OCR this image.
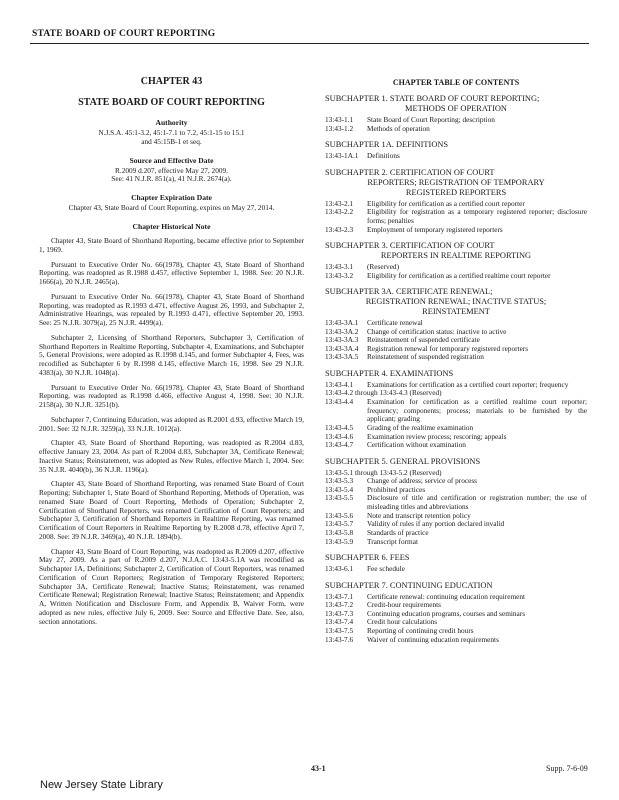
STATE BOARD OF COURT REPORTING
CHAPTER 43
STATE BOARD OF COURT REPORTING
Authority
N.J.S.A. 45:1-3.2, 45:1-7.1 to 7.2, 45:1-15 to 15.1
and 45:15B-1 et seq.
Source and Effective Date
R.2009 d.207, effective May 27, 2009.
See: 41 N.J.R. 851(a), 41 N.J.R. 2674(a).
Chapter Expiration Date
Chapter 43, State Board of Court Reporting, expires on May 27, 2014.
Chapter Historical Note

Chapter 43, State Board of Shorthand Reporting, became effective prior to September 1, 1969.

Pursuant to Executive Order No. 66(1978), Chapter 43, State Board of Shorthand Reporting, was readopted as R.1988 d.457, effective September 1, 1988. See: 20 N.J.R. 1666(a), 20 N.J.R. 2465(a).

Pursuant to Executive Order No. 66(1978), Chapter 43, State Board of Shorthand Reporting, was readopted as R.1993 d.471, effective August 26, 1993, and Subchapter 2, Administrative Hearings, was repealed by R.1993 d.471, effective September 20, 1993. See: 25 N.J.R. 3079(a), 25 N.J.R. 4499(a).

Subchapter 2, Licensing of Shorthand Reporters, Subchapter 3, Certification of Shorthand Reporters in Realtime Reporting, Subchapter 4, Examinations, and Subchapter 5, General Provisions, were adopted as R.1998 d.145, and former Subchapter 4, Fees, was recodified as Subchapter 6 by R.1998 d.145, effective March 16, 1998. See 29 N.J.R. 4383(a), 30 N.J.R. 1048(a).

Pursuant to Executive Order No. 66(1978), Chapter 43, State Board of Shorthand Reporting, was readopted as R.1998 d.466, effective August 4, 1998. See: 30 N.J.R. 2158(a), 30 N.J.R. 3251(b).

Subchapter 7, Continuing Education, was adopted as R.2001 d.93, effective March 19, 2001. See: 32 N.J.R. 3259(a), 33 N.J.R. 1012(a).

Chapter 43, State Board of Shorthand Reporting, was readopted as R.2004 d.83, effective January 23, 2004. As part of R.2004 d.83, Subchapter 3A, Certificate Renewal; Inactive Status; Reinstatement, was adopted as New Rules, effective March 1, 2004. See: 35 N.J.R. 4040(b), 36 N.J.R. 1196(a).

Chapter 43, State Board of Shorthand Reporting, was renamed State Board of Court Reporting; Subchapter 1, State Board of Shorthand Reporting, Methods of Operation, was renamed State Board of Court Reporting, Methods of Operation; Subchapter 2, Certification of Shorthand Reporters, was renamed Certification of Court Reporters; and Subchapter 3, Certification of Shorthand Reporters in Realtime Reporting, was renamed Certification of Court Reporters in Realtime Reporting by R.2008 d.78, effective April 7, 2008. See: 39 N.J.R. 3469(a), 40 N.J.R. 1894(b).

Chapter 43, State Board of Court Reporting, was readopted as R.2009 d.207, effective May 27, 2009. As a part of R.2009 d.207, N.J.A.C. 13:43-5.1A was recodified as Subchapter 1A, Definitions; Subchapter 2, Certification of Court Reporters, was renamed Certification of Court Reporters; Registration of Temporary Registered Reporters; Subchapter 3A, Certificate Renewal; Inactive Status; Reinstatement, was renamed Certificate Renewal; Registration Renewal; Inactive Status; Reinstatement; and Appendix A, Written Notification and Disclosure Form, and Appendix B, Waiver Form, were adopted as new rules, effective July 6, 2009. See: Source and Effective Date. See, also, section annotations.

CHAPTER TABLE OF CONTENTS
SUBCHAPTER 1. STATE BOARD OF COURT REPORTING;
METHODS OF OPERATION
13:43-1.1	State Board of Court Reporting; description
13:43-1.2	Methods of operation
SUBCHAPTER 1A. DEFINITIONS
13:43-1A.1	Definitions
SUBCHAPTER 2. CERTIFICATION OF COURT
REPORTERS; REGISTRATION OF TEMPORARY
REGISTERED REPORTERS
13:43-2.1	Eligibility for certification as a certified court reporter
13:43-2.2	Eligibility for registration as a temporary registered reporter; disclosure forms; penalties
13:43-2.3	Employment of temporary registered reporters
SUBCHAPTER 3. CERTIFICATION OF COURT
REPORTERS IN REALTIME REPORTING
13:43-3.1	(Reserved)
13:43-3.2	Eligibility for certification as a certified realtime court reporter
SUBCHAPTER 3A. CERTIFICATE RENEWAL;
REGISTRATION RENEWAL; INACTIVE STATUS;
REINSTATEMENT
13:43-3A.1	Certificate renewal
13:43-3A.2	Change of certification status: inactive to active
13:43-3A.3	Reinstatement of suspended certificate
13:43-3A.4	Registration renewal for temporary registered reporters
13:43-3A.5	Reinstatement of suspended registration
SUBCHAPTER 4. EXAMINATIONS
13:43-4.1	Examinations for certification as a certified court reporter; frequency
13:43-4.2 through 13:43-4.3 (Reserved)
13:43-4.4	Examination for certification as a certified realtime court reporter; frequency; components; process; materials to be furnished by the applicant; grading
13:43-4.5	Grading of the realtime examination
13:43-4.6	Examination review process; rescoring; appeals
13:43-4.7	Certification without examination
SUBCHAPTER 5. GENERAL PROVISIONS
13:43-5.1 through 13:43-5.2 (Reserved)
13:43-5.3	Change of address; service of process
13:43-5.4	Prohibited practices
13:43-5.5	Disclosure of title and certification or registration number; the use of misleading titles and abbreviations
13:43-5.6	Note and transcript retention policy
13:43-5.7	Validity of rules if any portion declared invalid
13:43-5.8	Standards of practice
13:43-5.9	Transcript format
SUBCHAPTER 6. FEES
13:43-6.1	Fee schedule
SUBCHAPTER 7. CONTINUING EDUCATION
13:43-7.1	Certificate renewal: continuing education requirement
13:43-7.2	Credit-hour requirements
13:43-7.3	Continuing education programs, courses and seminars
13:43-7.4	Credit hour calculations
13:43-7.5	Reporting of continuing credit hours
13:43-7.6	Waiver of continuing education requirements
New Jersey State Library
43-1	Supp. 7-6-09
